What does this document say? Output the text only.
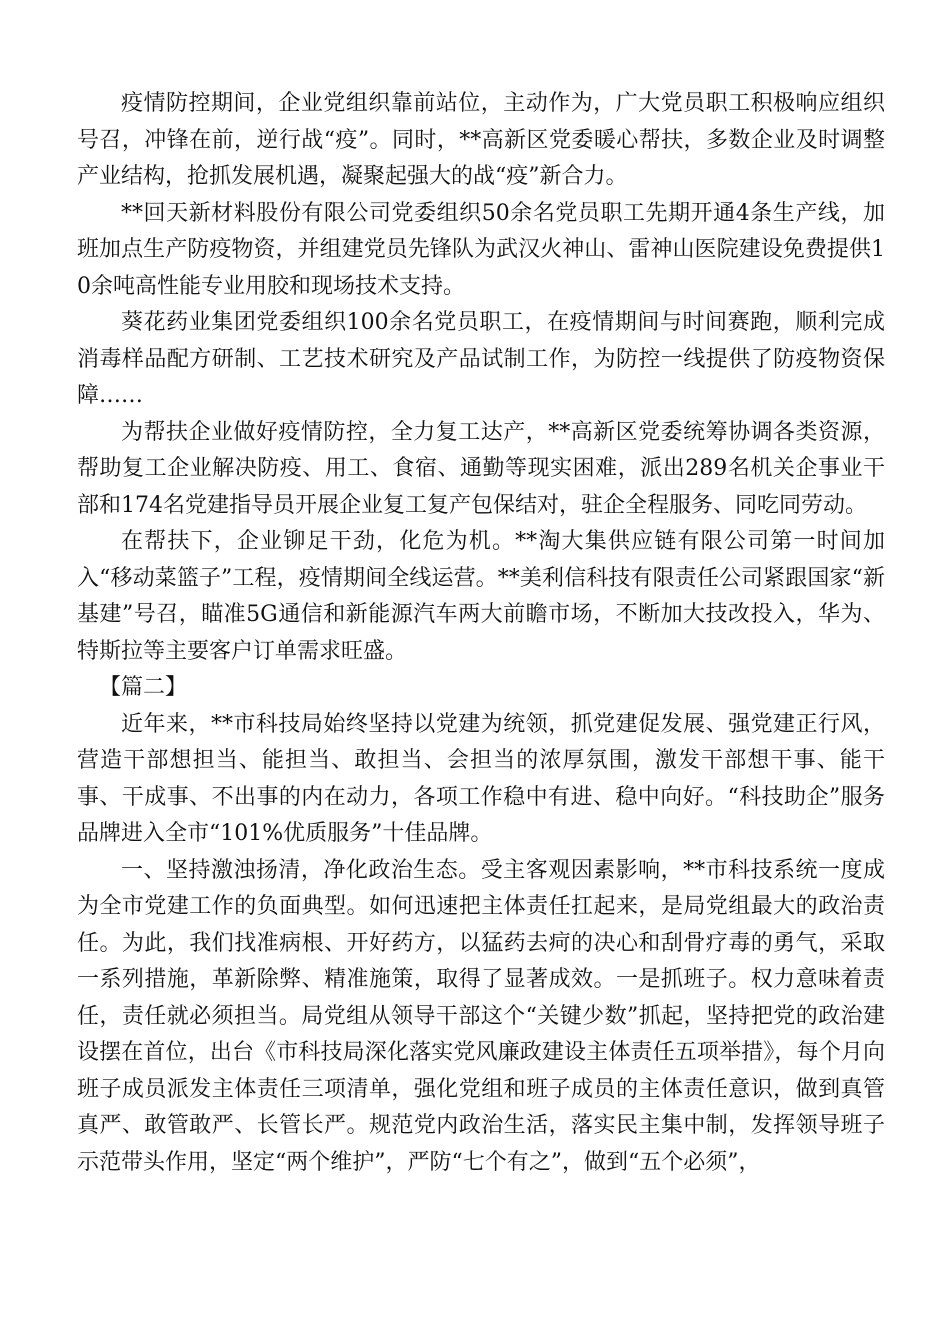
疫情防控期间，企业党组织靠前站位，主动作为，广大党员职工积极响应组织号召，冲锋在前，逆行战“疫”。同时，**高新区党委暖心帮扶，多数企业及时调整产业结构，抢抓发展机遇，凝聚起强大的战“疫”新合力。

**回天新材料股份有限公司党委组织50余名党员职工先期开通4条生产线，加班加点生产防疫物资，并组建党员先锋队为武汉火神山、雷神山医院建设免费提供10余吨高性能专业用胶和现场技术支持。

葵花药业集团党委组织100余名党员职工，在疫情期间与时间赛跑，顺利完成消毒样品配方研制、工艺技术研究及产品试制工作，为防控一线提供了防疫物资保障……

为帮扶企业做好疫情防控，全力复工达产，**高新区党委统筹协调各类资源，帮助复工企业解决防疫、用工、食宿、通勤等现实困难，派出289名机关企事业干部和174名党建指导员开展企业复工复产包保结对，驻企全程服务、同吃同劳动。

在帮扶下，企业铆足干劲，化危为机。**淘大集供应链有限公司第一时间加入“移动菜篮子”工程，疫情期间全线运营。**美利信科技有限责任公司紧跟国家“新基建”号召，瞄准5G通信和新能源汽车两大前瞻市场，不断加大技改投入，华为、特斯拉等主要客户订单需求旺盛。

【篇二】

近年来，**市科技局始终坚持以党建为统领，抓党建促发展、强党建正行风，营造干部想担当、能担当、敢担当、会担当的浓厚氛围，激发干部想干事、能干事、干成事、不出事的内在动力，各项工作稳中有进、稳中向好。“科技助企”服务品牌进入全市“101%优质服务”十佳品牌。

一、坚持激浊扬清，净化政治生态。受主客观因素影响，**市科技系统一度成为全市党建工作的负面典型。如何迅速把主体责任扛起来，是局党组最大的政治责任。为此，我们找准病根、开好药方，以猛药去疴的决心和刮骨疗毒的勇气，采取一系列措施，革新除弊、精准施策，取得了显著成效。一是抓班子。权力意味着责任，责任就必须担当。局党组从领导干部这个“关键少数”抓起，坚持把党的政治建设摆在首位，出台《市科技局深化落实党风廉政建设主体责任五项举措》，每个月向班子成员派发主体责任三项清单，强化党组和班子成员的主体责任意识，做到真管真严、敢管敢严、长管长严。规范党内政治生活，落实民主集中制，发挥领导班子示范带头作用，坚定“两个维护”，严防“七个有之”，做到“五个必须”，
